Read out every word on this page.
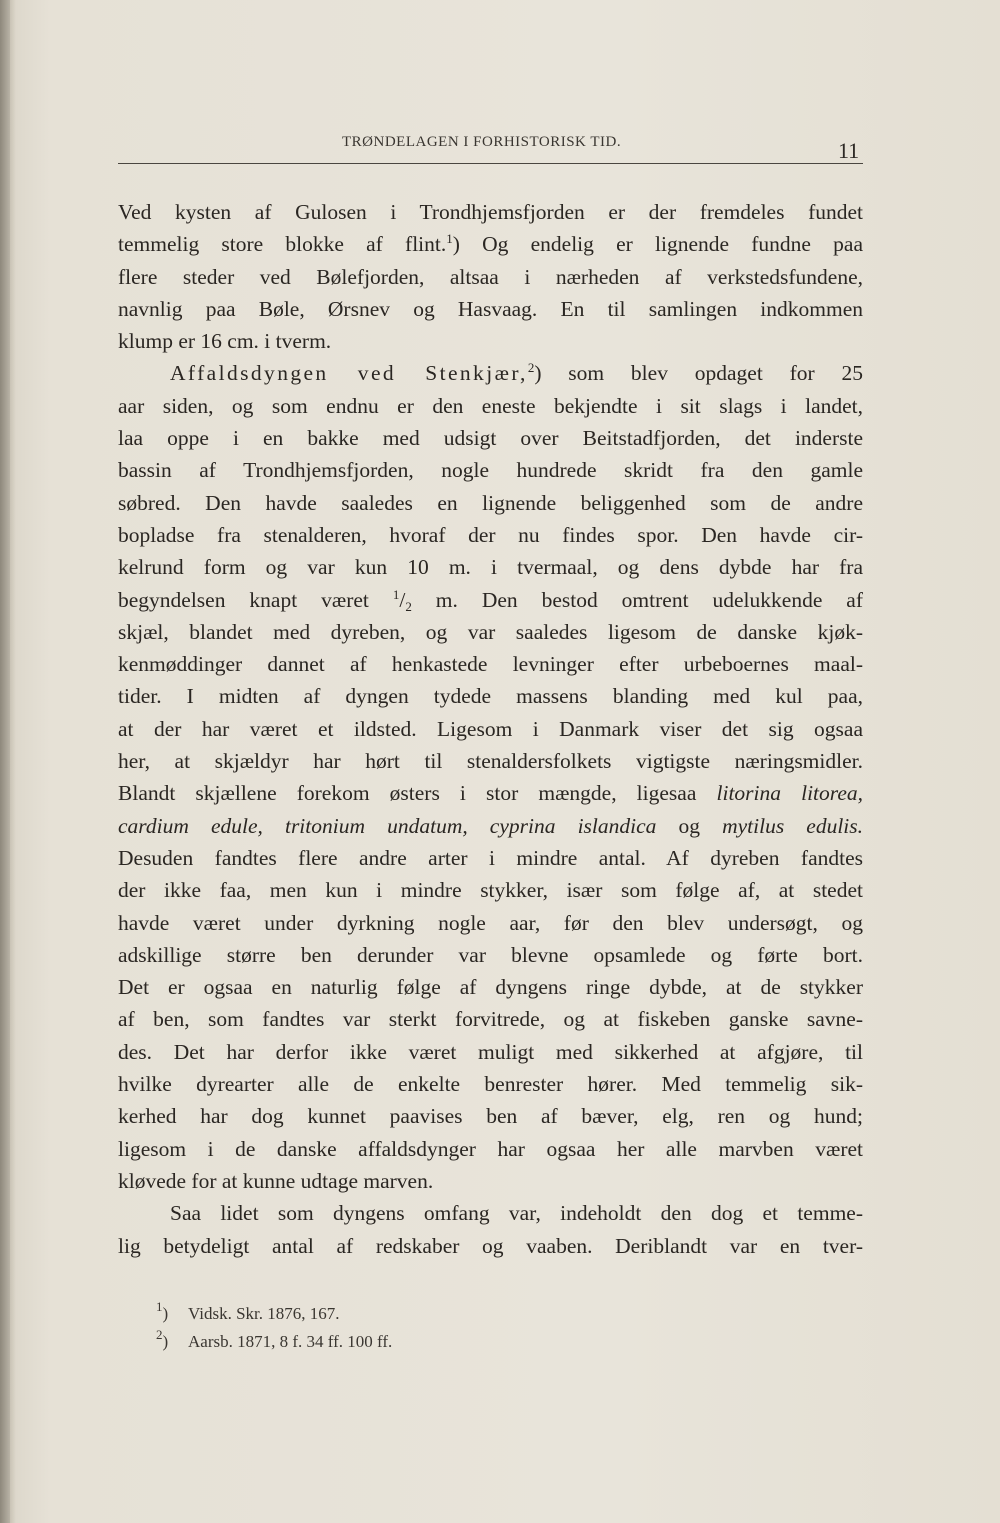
TRØNDELAGEN I FORHISTORISK TID.	11
Ved kysten af Gulosen i Trondhjemsfjorden er der fremdeles fundet
temmelig store blokke af flint.$^1$) Og endelig er lignende fundne paa
flere steder ved Bølefjorden, altsaa i nærheden af verkstedsfundene,
navnlig paa Bøle, Ørsnev og Hasvaag. En til samlingen indkommen
klump er 16 cm. i tverm.
Affaldsdyngen ved Stenkjær,$^2$) som blev opdaget for 25
aar siden, og som endnu er den eneste bekjendte i sit slags i landet,
laa oppe i en bakke med udsigt over Beitstadfjorden, det inderste
bassin af Trondhjemsfjorden, nogle hundrede skridt fra den gamle
søbred. Den havde saaledes en lignende beliggenhed som de andre
bopladse fra stenalderen, hvoraf der nu findes spor. Den havde cir-
kelrund form og var kun 10 m. i tvermaal, og dens dybde har fra
begyndelsen knapt været $^1/_2$ m. Den bestod omtrent udelukkende af
skjæl, blandet med dyreben, og var saaledes ligesom de danske kjøk-
kenmøddinger dannet af henkastede levninger efter urbeboernes maal-
tider. I midten af dyngen tydede massens blanding med kul paa,
at der har været et ildsted. Ligesom i Danmark viser det sig ogsaa
her, at skjældyr har hørt til stenaldersfolkets vigtigste næringsmidler.
Blandt skjællene forekom østers i stor mængde, ligesaa litorina litorea,
cardium edule, tritonium undatum, cyprina islandica og mytilus edulis.
Desuden fandtes flere andre arter i mindre antal. Af dyreben fandtes
der ikke faa, men kun i mindre stykker, især som følge af, at stedet
havde været under dyrkning nogle aar, før den blev undersøgt, og
adskillige større ben derunder var blevne opsamlede og førte bort.
Det er ogsaa en naturlig følge af dyngens ringe dybde, at de stykker
af ben, som fandtes var sterkt forvitrede, og at fiskeben ganske savne-
des. Det har derfor ikke været muligt med sikkerhed at afgjøre, til
hvilke dyrearter alle de enkelte benrester hører. Med temmelig sik-
kerhed har dog kunnet paavises ben af bæver, elg, ren og hund;
ligesom i de danske affaldsdynger har ogsaa her alle marvben været
kløvede for at kunne udtage marven.
Saa lidet som dyngens omfang var, indeholdt den dog et temme-
lig betydeligt antal af redskaber og vaaben. Deriblandt var en tver-
$^1$) Vidsk. Skr. 1876, 167.
$^2$) Aarsb. 1871, 8 f. 34 ff. 100 ff.
